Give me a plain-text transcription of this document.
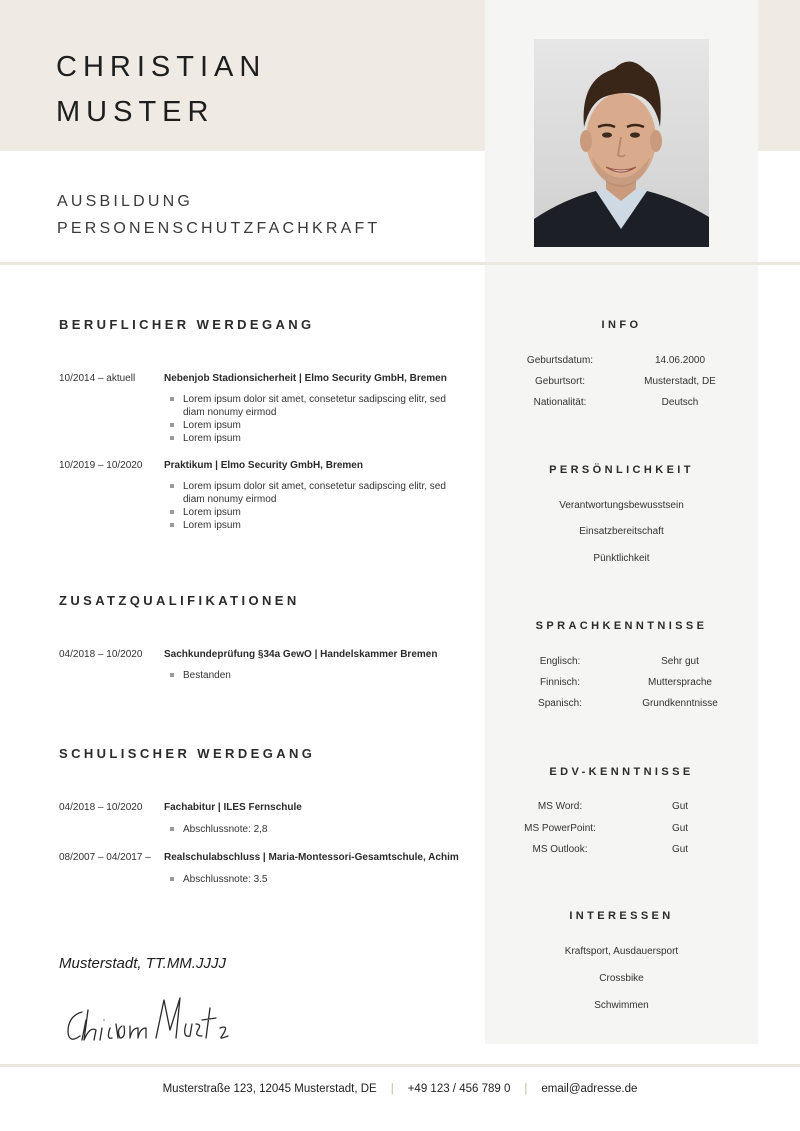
CHRISTIAN
MUSTER
AUSBILDUNG
PERSONENSCHUTZFACHKRAFT
BERUFLICHER WERDEGANG
10/2014 – aktuell	Nebenjob Stadionsicherheit | Elmo Security GmbH, Bremen
Lorem ipsum dolor sit amet, consetetur sadipscing elitr, sed diam nonumy eirmod
Lorem ipsum
Lorem ipsum
10/2019 – 10/2020 Praktikum | Elmo Security GmbH, Bremen
Lorem ipsum dolor sit amet, consetetur sadipscing elitr, sed diam nonumy eirmod
Lorem ipsum
Lorem ipsum
ZUSATZQUALIFIKATIONEN
04/2018 – 10/2020 Sachkundeprüfung §34a GewO | Handelskammer Bremen
Bestanden
SCHULISCHER WERDEGANG
04/2018 – 10/2020 Fachabitur | ILES Fernschule
Abschlussnote: 2,8
08/2007 – 04/2017 –	Realschulabschluss | Maria-Montessori-Gesamtschule, Achim
Abschlussnote: 3.5
Musterstadt, TT.MM.JJJJ
INFO
Geburtsdatum:	14.06.2000
Geburtsort:	Musterstadt, DE
Nationalität:	Deutsch
PERSÖNLICHKEIT
Verantwortungsbewusstsein
Einsatzbereitschaft
Pünktlichkeit
SPRACHKENNTNISSE
Englisch:	Sehr gut
Finnisch:	Muttersprache
Spanisch:	Grundkenntnisse
EDV-KENNTNISSE
MS Word:	Gut
MS PowerPoint:	Gut
MS Outlook:	Gut
INTERESSEN
Kraftsport, Ausdauersport
Crossbike
Schwimmen
Musterstraße 123, 12045 Musterstadt, DE | +49 123 / 456 789 0 | email@adresse.de
